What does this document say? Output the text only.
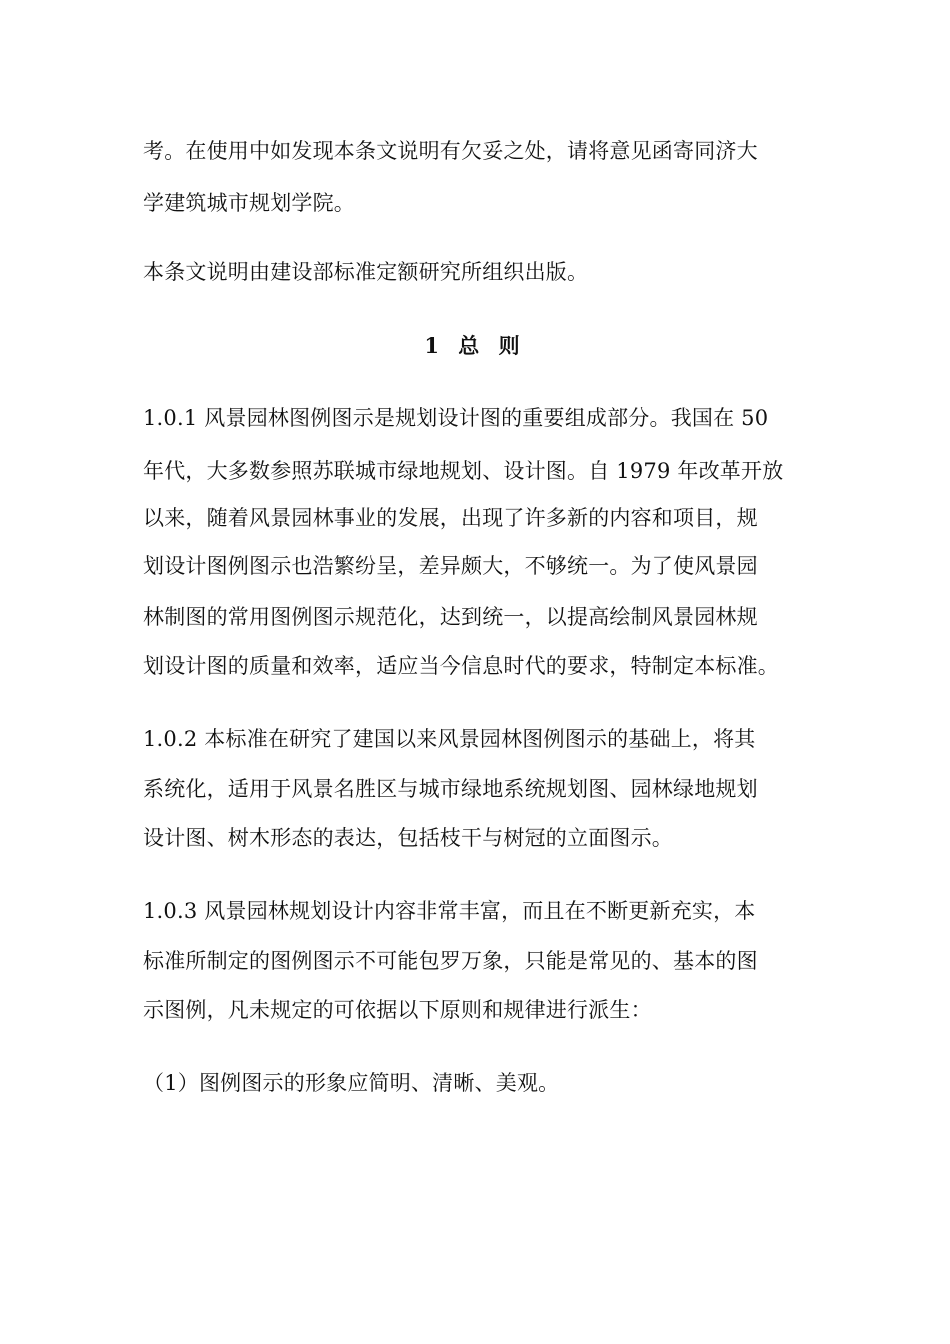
考。在使用中如发现本条文说明有欠妥之处，请将意见函寄同济大

学建筑城市规划学院。

本条文说明由建设部标准定额研究所组织出版。

1 总 则

1.0.1 风景园林图例图示是规划设计图的重要组成部分。我国在 50

年代，大多数参照苏联城市绿地规划、设计图。自 1979 年改革开放

以来，随着风景园林事业的发展，出现了许多新的内容和项目，规

划设计图例图示也浩繁纷呈，差异颇大，不够统一。为了使风景园

林制图的常用图例图示规范化，达到统一，以提高绘制风景园林规

划设计图的质量和效率，适应当今信息时代的要求，特制定本标准。

1.0.2 本标准在研究了建国以来风景园林图例图示的基础上，将其

系统化，适用于风景名胜区与城市绿地系统规划图、园林绿地规划

设计图、树木形态的表达，包括枝干与树冠的立面图示。

1.0.3 风景园林规划设计内容非常丰富，而且在不断更新充实，本

标准所制定的图例图示不可能包罗万象，只能是常见的、基本的图

示图例，凡未规定的可依据以下原则和规律进行派生：

（1）图例图示的形象应简明、清晰、美观。
